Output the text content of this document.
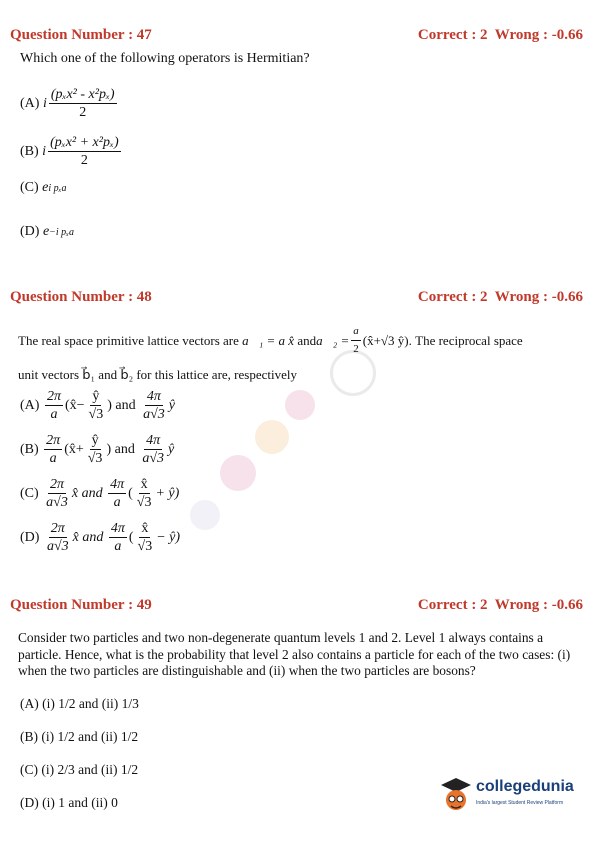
Question Number : 47	Correct : 2  Wrong : -0.66
Which one of the following operators is Hermitian?
(A)
i $\frac{\text{(pₓx² - x²pₓ)}}{2}$
(B)
i $\frac{\text{(pₓx² + x²pₓ)}}{2}$
(C)
e i pₓa
(D)
e −i pₓa
Question Number : 48	Correct : 2  Wrong : -0.66
The real space primitive lattice vectors are
a⃗₁ = a x̂
and a⃗₂ = $\frac{a}{2}$ (x̂+√3 ŷ).
The reciprocal space
unit vectors b⃗₁ and b⃗₂ for this lattice are, respectively
(A)
$\frac{2\pi}{a}$ (x̂− $\frac{ŷ}{√3}$ ) and
$\frac{4\pi}{a√3}$ ŷ
(B)
$\frac{2\pi}{a}$ (x̂+ $\frac{ŷ}{√3}$ ) and
$\frac{4\pi}{a√3}$ ŷ
(C)
$\frac{2\pi}{a√3}$ x̂ and
$\frac{4\pi}{a}$ ( $\frac{x̂}{√3}$ + ŷ)
(D)
$\frac{2\pi}{a√3}$ x̂ and
$\frac{4\pi}{a}$ ( $\frac{x̂}{√3}$ − ŷ)
Question Number : 49	Correct : 2  Wrong : -0.66
Consider two particles and two non-degenerate quantum levels 1 and 2. Level 1 always contains a particle. Hence, what is the probability that level 2 also contains a particle for each of the two cases: (i) when the two particles are distinguishable and (ii) when the two particles are bosons?
(A) (i) 1/2 and (ii) 1/3
(B) (i) 1/2 and (ii) 1/2
(C) (i) 2/3 and (ii) 1/2
(D) (i) 1 and (ii) 0
collegedunia
India's largest Student Review Platform
